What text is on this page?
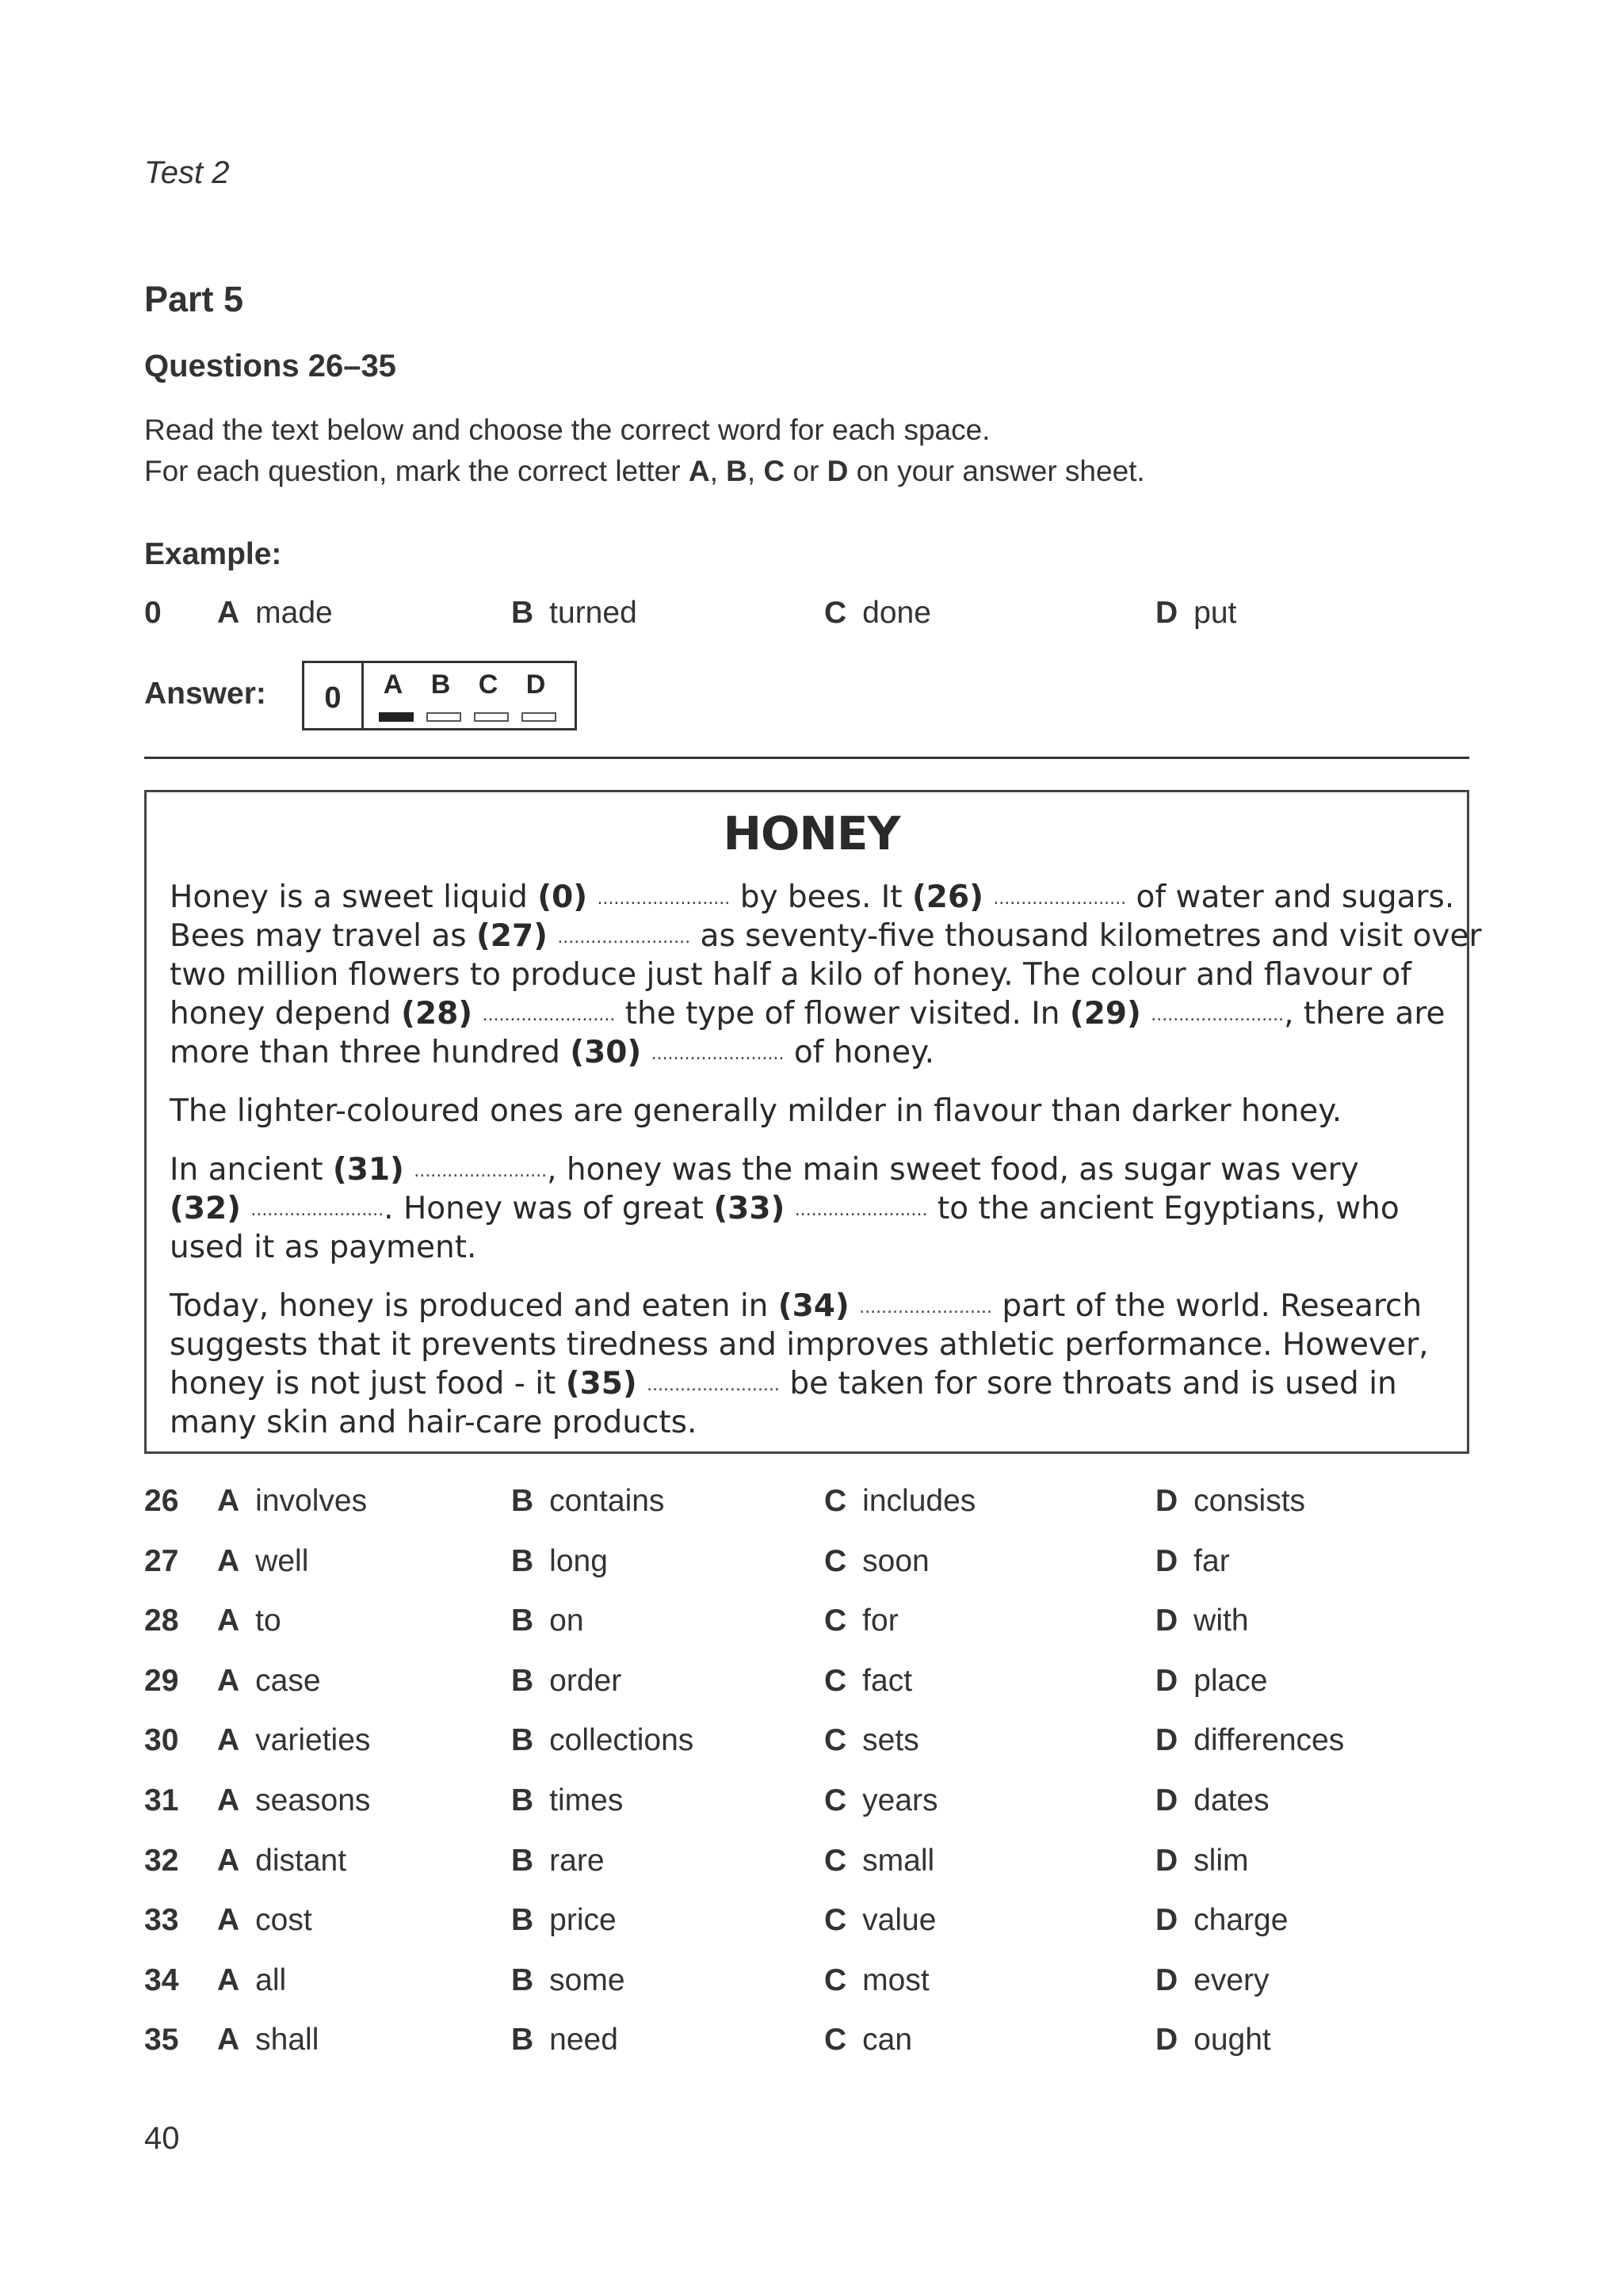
Test 2
Part 5
Questions 26–35
Read the text below and choose the correct word for each space.
For each question, mark the correct letter A, B, C or D on your answer sheet.
Example:
0 A made	B turned	C done	D put
Answer:	0	A B C D
HONEY
Honey is a sweet liquid (0) ........................ by bees. It (26) ........................ of water and sugars.
Bees may travel as (27) ........................ as seventy-five thousand kilometres and visit over
two million flowers to produce just half a kilo of honey. The colour and flavour of
honey depend (28) ........................ the type of flower visited. In (29) ........................, there are
more than three hundred (30) ........................ of honey.
The lighter-coloured ones are generally milder in flavour than darker honey.
In ancient (31) ........................, honey was the main sweet food, as sugar was very
(32) ......................... Honey was of great (33) ........................ to the ancient Egyptians, who
used it as payment.
Today, honey is produced and eaten in (34) ........................ part of the world. Research
suggests that it prevents tiredness and improves athletic performance. However,
honey is not just food - it (35) ........................ be taken for sore throats and is used in
many skin and hair-care products.
26 A involves	B contains	C includes	D consists
27 A well	B long	C soon	D far
28 A to	B on	C for	D with
29 A case	B order	C fact	D place
30 A varieties	B collections	C sets	D differences
31 A seasons	B times	C years	D dates
32 A distant	B rare	C small	D slim
33 A cost	B price	C value	D charge
34 A all	B some	C most	D every
35 A shall	B need	C can	D ought
40
